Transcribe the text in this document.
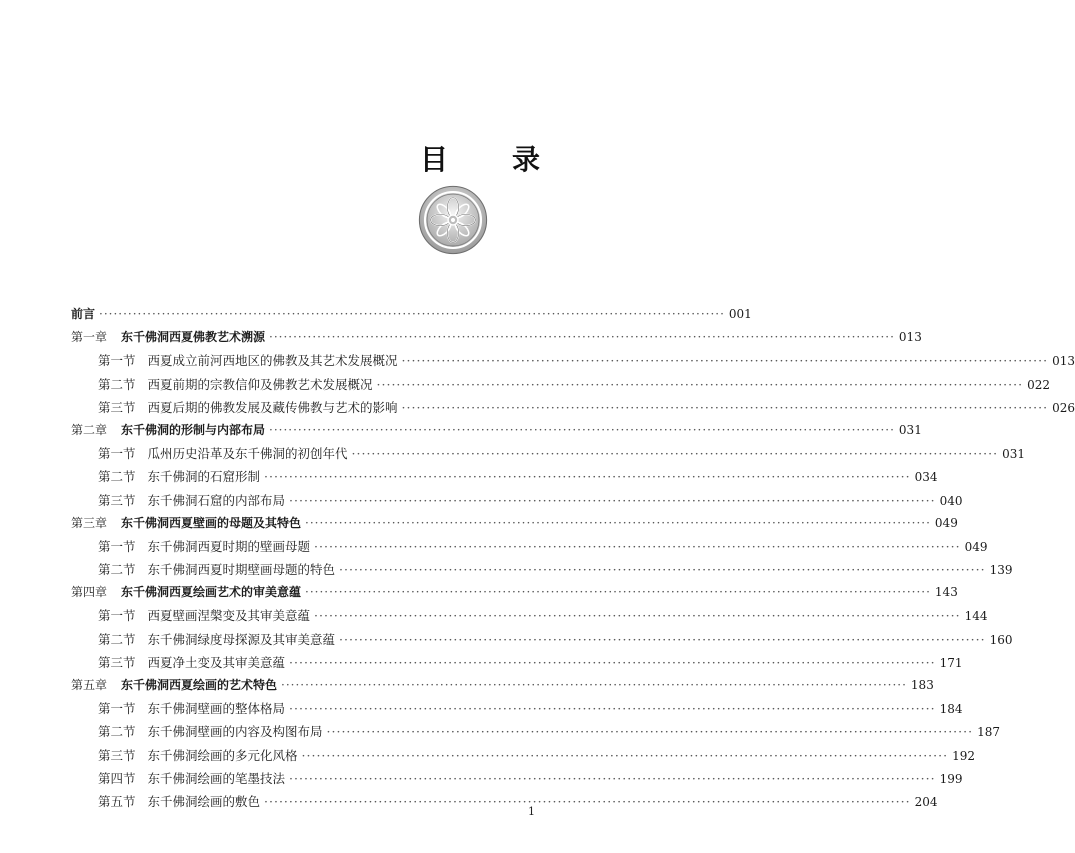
目　录
前言 ·····	001
第一章 东千佛洞西夏佛教艺术溯源 ·····	013
第一节 西夏成立前河西地区的佛教及其艺术发展概况 ·····	013
第二节 西夏前期的宗教信仰及佛教艺术发展概况 ·····	022
第三节 西夏后期的佛教发展及藏传佛教与艺术的影响 ·····	026
第二章 东千佛洞的形制与内部布局 ·····	031
第一节 瓜州历史沿革及东千佛洞的初创年代 ·····	031
第二节 东千佛洞的石窟形制 ·····	034
第三节 东千佛洞石窟的内部布局 ·····	040
第三章 东千佛洞西夏壁画的母题及其特色 ·····	049
第一节 东千佛洞西夏时期的壁画母题 ·····	049
第二节 东千佛洞西夏时期壁画母题的特色 ·····	139
第四章 东千佛洞西夏绘画艺术的审美意蕴 ·····	143
第一节 西夏壁画涅槃变及其审美意蕴 ·····	144
第二节 东千佛洞绿度母探源及其审美意蕴 ·····	160
第三节 西夏净土变及其审美意蕴 ·····	171
第五章 东千佛洞西夏绘画的艺术特色 ·····	183
第一节 东千佛洞壁画的整体格局 ·····	184
第二节 东千佛洞壁画的内容及构图布局 ·····	187
第三节 东千佛洞绘画的多元化风格 ·····	192
第四节 东千佛洞绘画的笔墨技法 ·····	199
第五节 东千佛洞绘画的敷色 ·····	204
1
